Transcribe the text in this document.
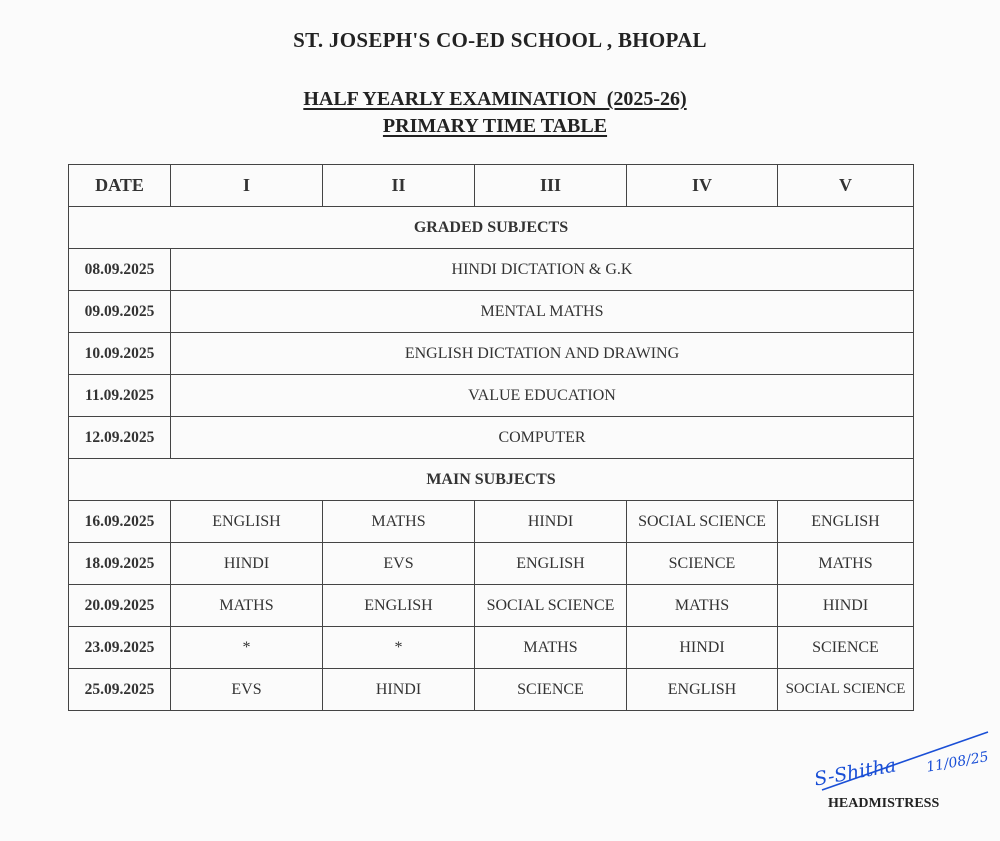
ST. JOSEPH'S CO-ED SCHOOL , BHOPAL
HALF YEARLY EXAMINATION  (2025-26)
PRIMARY TIME TABLE
DATE	I	II	III	IV	V
GRADED SUBJECTS					
08.09.2025	HINDI DICTATION & G.K				
09.09.2025	MENTAL MATHS				
10.09.2025	ENGLISH DICTATION AND DRAWING				
11.09.2025	VALUE EDUCATION				
12.09.2025	COMPUTER				
MAIN SUBJECTS					
16.09.2025	ENGLISH	MATHS	HINDI	SOCIAL SCIENCE	ENGLISH
18.09.2025	HINDI	EVS	ENGLISH	SCIENCE	MATHS
20.09.2025	MATHS	ENGLISH	SOCIAL SCIENCE	MATHS	HINDI
23.09.2025	*	*	MATHS	HINDI	SCIENCE
25.09.2025	EVS	HINDI	SCIENCE	ENGLISH	SOCIAL SCIENCE
S-Shitha 11/08/25
HEADMISTRESS
